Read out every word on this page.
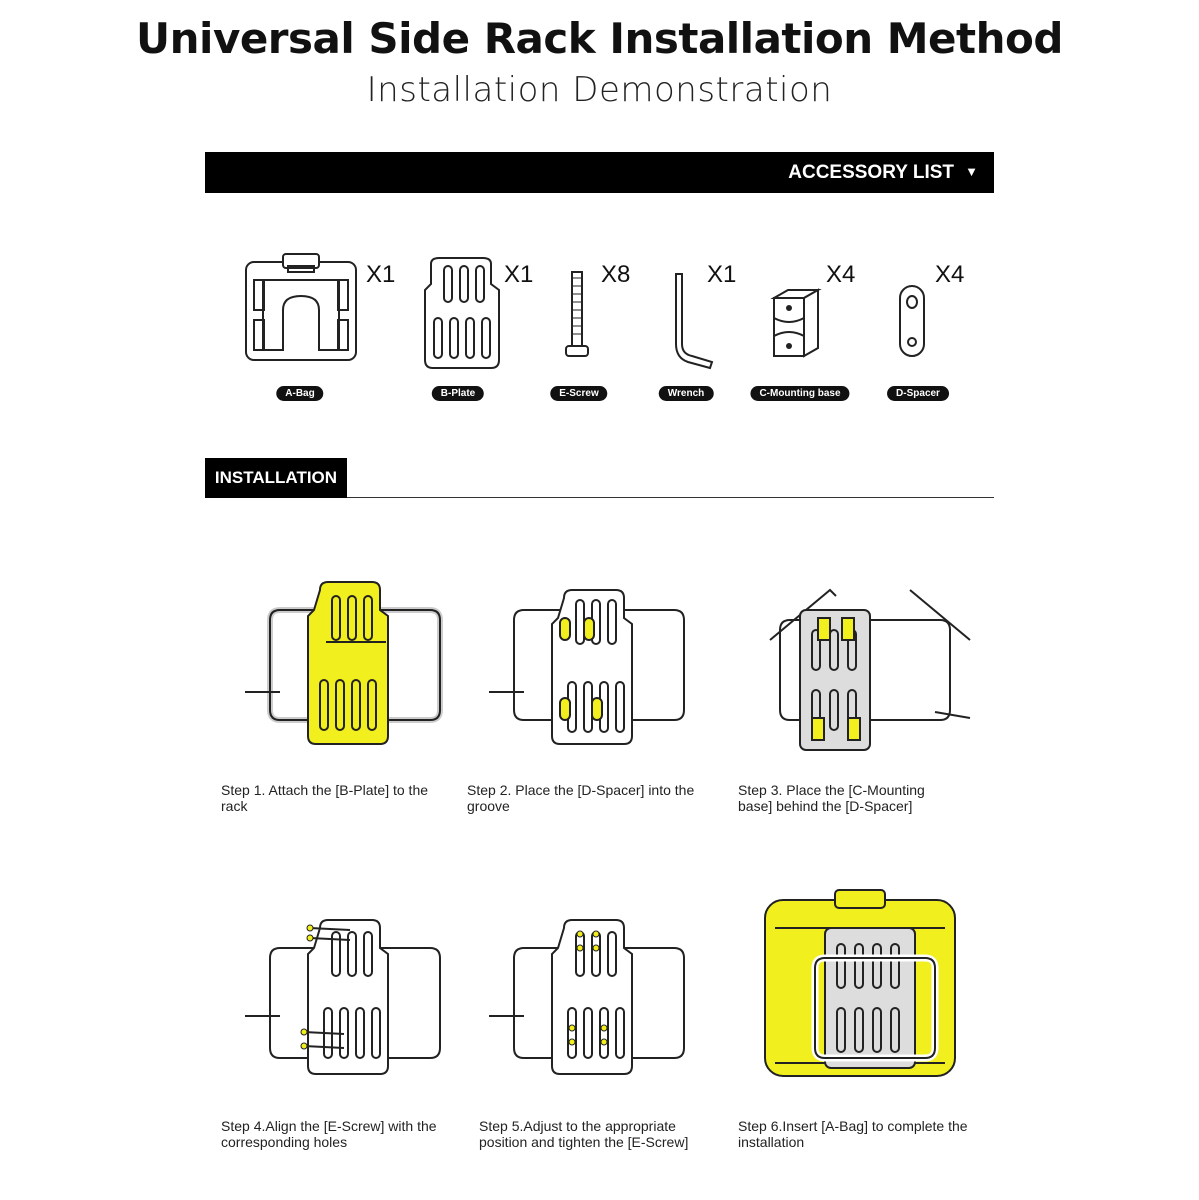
Universal Side Rack Installation Method
Installation Demonstration
ACCESSORY LIST ▼
X1
A-Bag
X1
B-Plate
X8
E-Screw
X1
Wrench
X4
C-Mounting base
X4
D-Spacer
INSTALLATION
Step 1. Attach the [B-Plate] to the rack
Step 2. Place the [D-Spacer] into the groove
Step 3. Place the [C-Mounting base] behind the [D-Spacer]
Step 4.Align the [E-Screw] with the corresponding holes
Step 5.Adjust to the appropriate position and tighten the [E-Screw]
Step 6.Insert [A-Bag] to complete the installation
